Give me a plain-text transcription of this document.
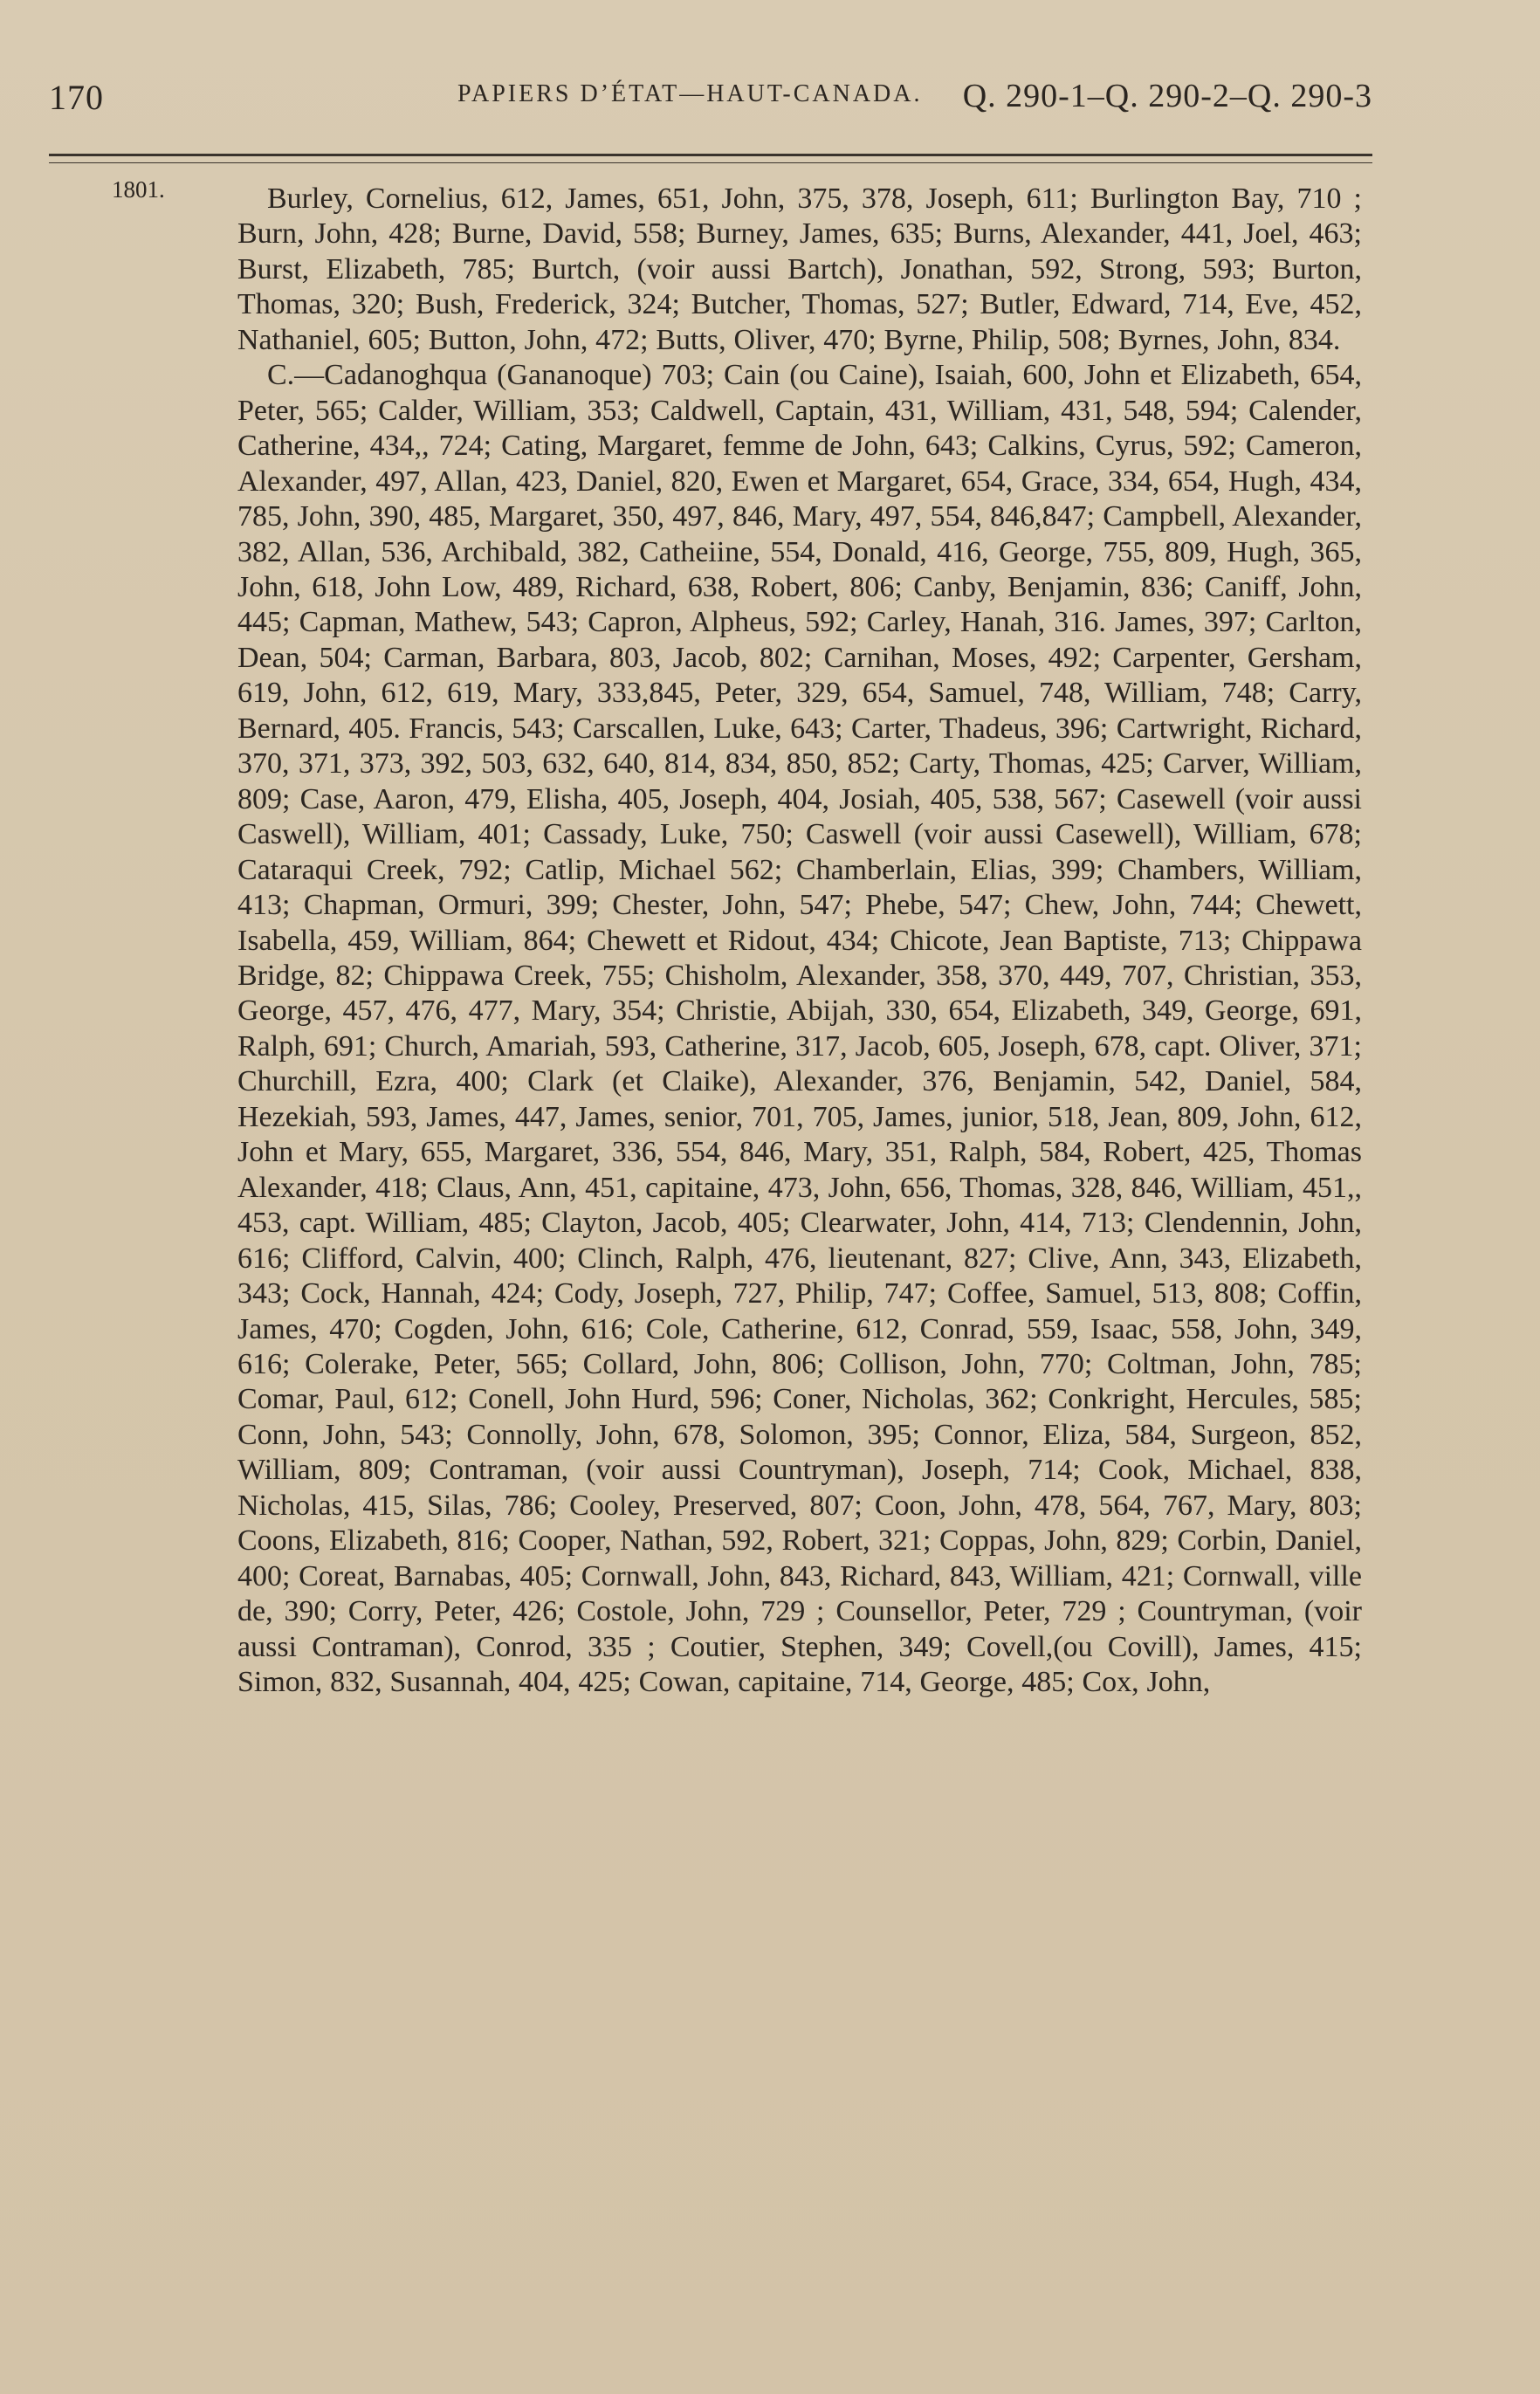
170	PAPIERS D’ÉTAT—HAUT-CANADA. Q. 290-1–Q. 290-2–Q. 290-3
1801.	Burley, Cornelius, 612, James, 651, John, 375, 378, Joseph, 611; Burlington Bay, 710 ; Burn, John, 428; Burne, David, 558; Burney, James, 635; Burns, Alexander, 441, Joel, 463; Burst, Elizabeth, 785; Burtch, (voir aussi Bartch), Jonathan, 592, Strong, 593; Burton, Thomas, 320; Bush, Frederick, 324; Butcher, Thomas, 527; Butler, Edward, 714, Eve, 452, Nathaniel, 605; Button, John, 472; Butts, Oliver, 470; Byrne, Philip, 508; Byrnes, John, 834.

C.—Cadanoghqua (Gananoque) 703; Cain (ou Caine), Isaiah, 600, John et Elizabeth, 654, Peter, 565; Calder, William, 353; Caldwell, Captain, 431, William, 431, 548, 594; Calender, Catherine, 434,, 724; Cating, Margaret, femme de John, 643; Calkins, Cyrus, 592; Cameron, Alexander, 497, Allan, 423, Daniel, 820, Ewen et Margaret, 654, Grace, 334, 654, Hugh, 434, 785, John, 390, 485, Margaret, 350, 497, 846, Mary, 497, 554, 846,847; Campbell, Alexander, 382, Allan, 536, Archibald, 382, Catheiine, 554, Donald, 416, George, 755, 809, Hugh, 365, John, 618, John Low, 489, Richard, 638, Robert, 806; Canby, Benjamin, 836; Caniff, John, 445; Capman, Mathew, 543; Capron, Alpheus, 592; Carley, Hanah, 316. James, 397; Carlton, Dean, 504; Carman, Barbara, 803, Jacob, 802; Carnihan, Moses, 492; Carpenter, Gersham, 619, John, 612, 619, Mary, 333,845, Peter, 329, 654, Samuel, 748, William, 748; Carry, Bernard, 405. Francis, 543; Carscallen, Luke, 643; Carter, Thadeus, 396; Cartwright, Richard, 370, 371, 373, 392, 503, 632, 640, 814, 834, 850, 852; Carty, Thomas, 425; Carver, William, 809; Case, Aaron, 479, Elisha, 405, Joseph, 404, Josiah, 405, 538, 567; Casewell (voir aussi Caswell), William, 401; Cassady, Luke, 750; Caswell (voir aussi Casewell), William, 678; Cataraqui Creek, 792; Catlip, Michael 562; Chamberlain, Elias, 399; Chambers, William, 413; Chapman, Ormuri, 399; Chester, John, 547; Phebe, 547; Chew, John, 744; Chewett, Isabella, 459, William, 864; Chewett et Ridout, 434; Chicote, Jean Baptiste, 713; Chippawa Bridge, 82; Chippawa Creek, 755; Chisholm, Alexander, 358, 370, 449, 707, Christian, 353, George, 457, 476, 477, Mary, 354; Christie, Abijah, 330, 654, Elizabeth, 349, George, 691, Ralph, 691; Church, Amariah, 593, Catherine, 317, Jacob, 605, Joseph, 678, capt. Oliver, 371; Churchill, Ezra, 400; Clark (et Claike), Alexander, 376, Benjamin, 542, Daniel, 584, Hezekiah, 593, James, 447, James, senior, 701, 705, James, junior, 518, Jean, 809, John, 612, John et Mary, 655, Margaret, 336, 554, 846, Mary, 351, Ralph, 584, Robert, 425, Thomas Alexander, 418; Claus, Ann, 451, capitaine, 473, John, 656, Thomas, 328, 846, William, 451,, 453, capt. William, 485; Clayton, Jacob, 405; Clearwater, John, 414, 713; Clendennin, John, 616; Clifford, Calvin, 400; Clinch, Ralph, 476, lieutenant, 827; Clive, Ann, 343, Elizabeth, 343; Cock, Hannah, 424; Cody, Joseph, 727, Philip, 747; Coffee, Samuel, 513, 808; Coffin, James, 470; Cogden, John, 616; Cole, Catherine, 612, Conrad, 559, Isaac, 558, John, 349, 616; Colerake, Peter, 565; Collard, John, 806; Collison, John, 770; Coltman, John, 785; Comar, Paul, 612; Conell, John Hurd, 596; Coner, Nicholas, 362; Conkright, Hercules, 585; Conn, John, 543; Connolly, John, 678, Solomon, 395; Connor, Eliza, 584, Surgeon, 852, William, 809; Contraman, (voir aussi Countryman), Joseph, 714; Cook, Michael, 838, Nicholas, 415, Silas, 786; Cooley, Preserved, 807; Coon, John, 478, 564, 767, Mary, 803; Coons, Elizabeth, 816; Cooper, Nathan, 592, Robert, 321; Coppas, John, 829; Corbin, Daniel, 400; Coreat, Barnabas, 405; Cornwall, John, 843, Richard, 843, William, 421; Cornwall, ville de, 390; Corry, Peter, 426; Costole, John, 729 ; Counsellor, Peter, 729 ; Countryman, (voir aussi Contraman), Conrod, 335 ; Coutier, Stephen, 349; Covell,(ou Covill), James, 415; Simon, 832, Susannah, 404, 425; Cowan, capitaine, 714, George, 485; Cox, John,
